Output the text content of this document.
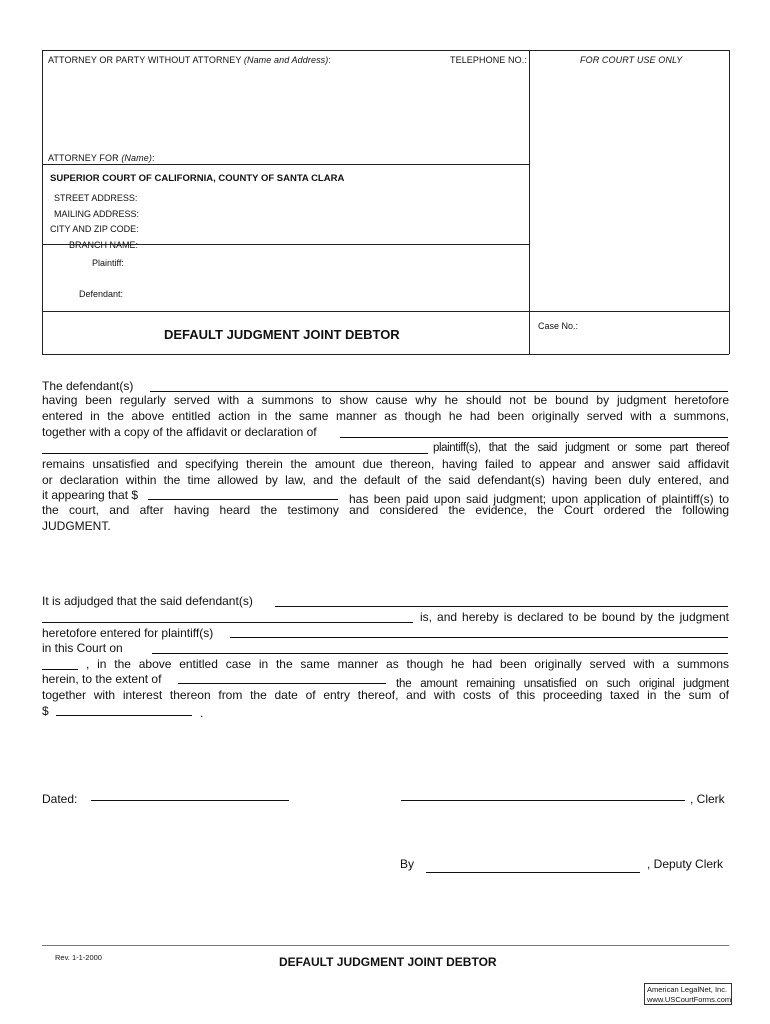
ATTORNEY OR PARTY WITHOUT ATTORNEY (Name and Address):	TELEPHONE NO.:	FOR COURT USE ONLY
ATTORNEY FOR (Name):
SUPERIOR COURT OF CALIFORNIA, COUNTY OF SANTA CLARA
STREET ADDRESS:
MAILING ADDRESS:
CITY AND ZIP CODE:
BRANCH NAME:
Plaintiff:
Defendant:
DEFAULT JUDGMENT JOINT DEBTOR
Case No.:
The defendant(s)
having been regularly served with a summons to show cause why he should not be bound by judgment heretofore
entered in the above entitled action in the same manner as though he had been originally served with a summons,
together with a copy of the affidavit or declaration of
plaintiff(s), that the said judgment or some part thereof
remains unsatisfied and specifying therein the amount due thereon, having failed to appear and answer said affidavit
or declaration within the time allowed by law, and the default of the said defendant(s) having been duly entered, and
it appearing that $	has been paid upon said judgment; upon application of plaintiff(s) to
the court, and after having heard the testimony and considered the evidence, the Court ordered the following
JUDGMENT.
It is adjudged that the said defendant(s)
is, and hereby is declared to be bound by the judgment
heretofore entered for plaintiff(s)
in this Court on
, in the above entitled case in the same manner as though he had been originally served with a summons
herein, to the extent of	the amount remaining unsatisfied on such original judgment
together with interest thereon from the date of entry thereof, and with costs of this proceeding taxed in the sum of
$	.
Dated:	, Clerk
By	, Deputy Clerk
Rev. 1-1-2000	DEFAULT JUDGMENT JOINT DEBTOR
American LegalNet, Inc.
www.USCourtForms.com
